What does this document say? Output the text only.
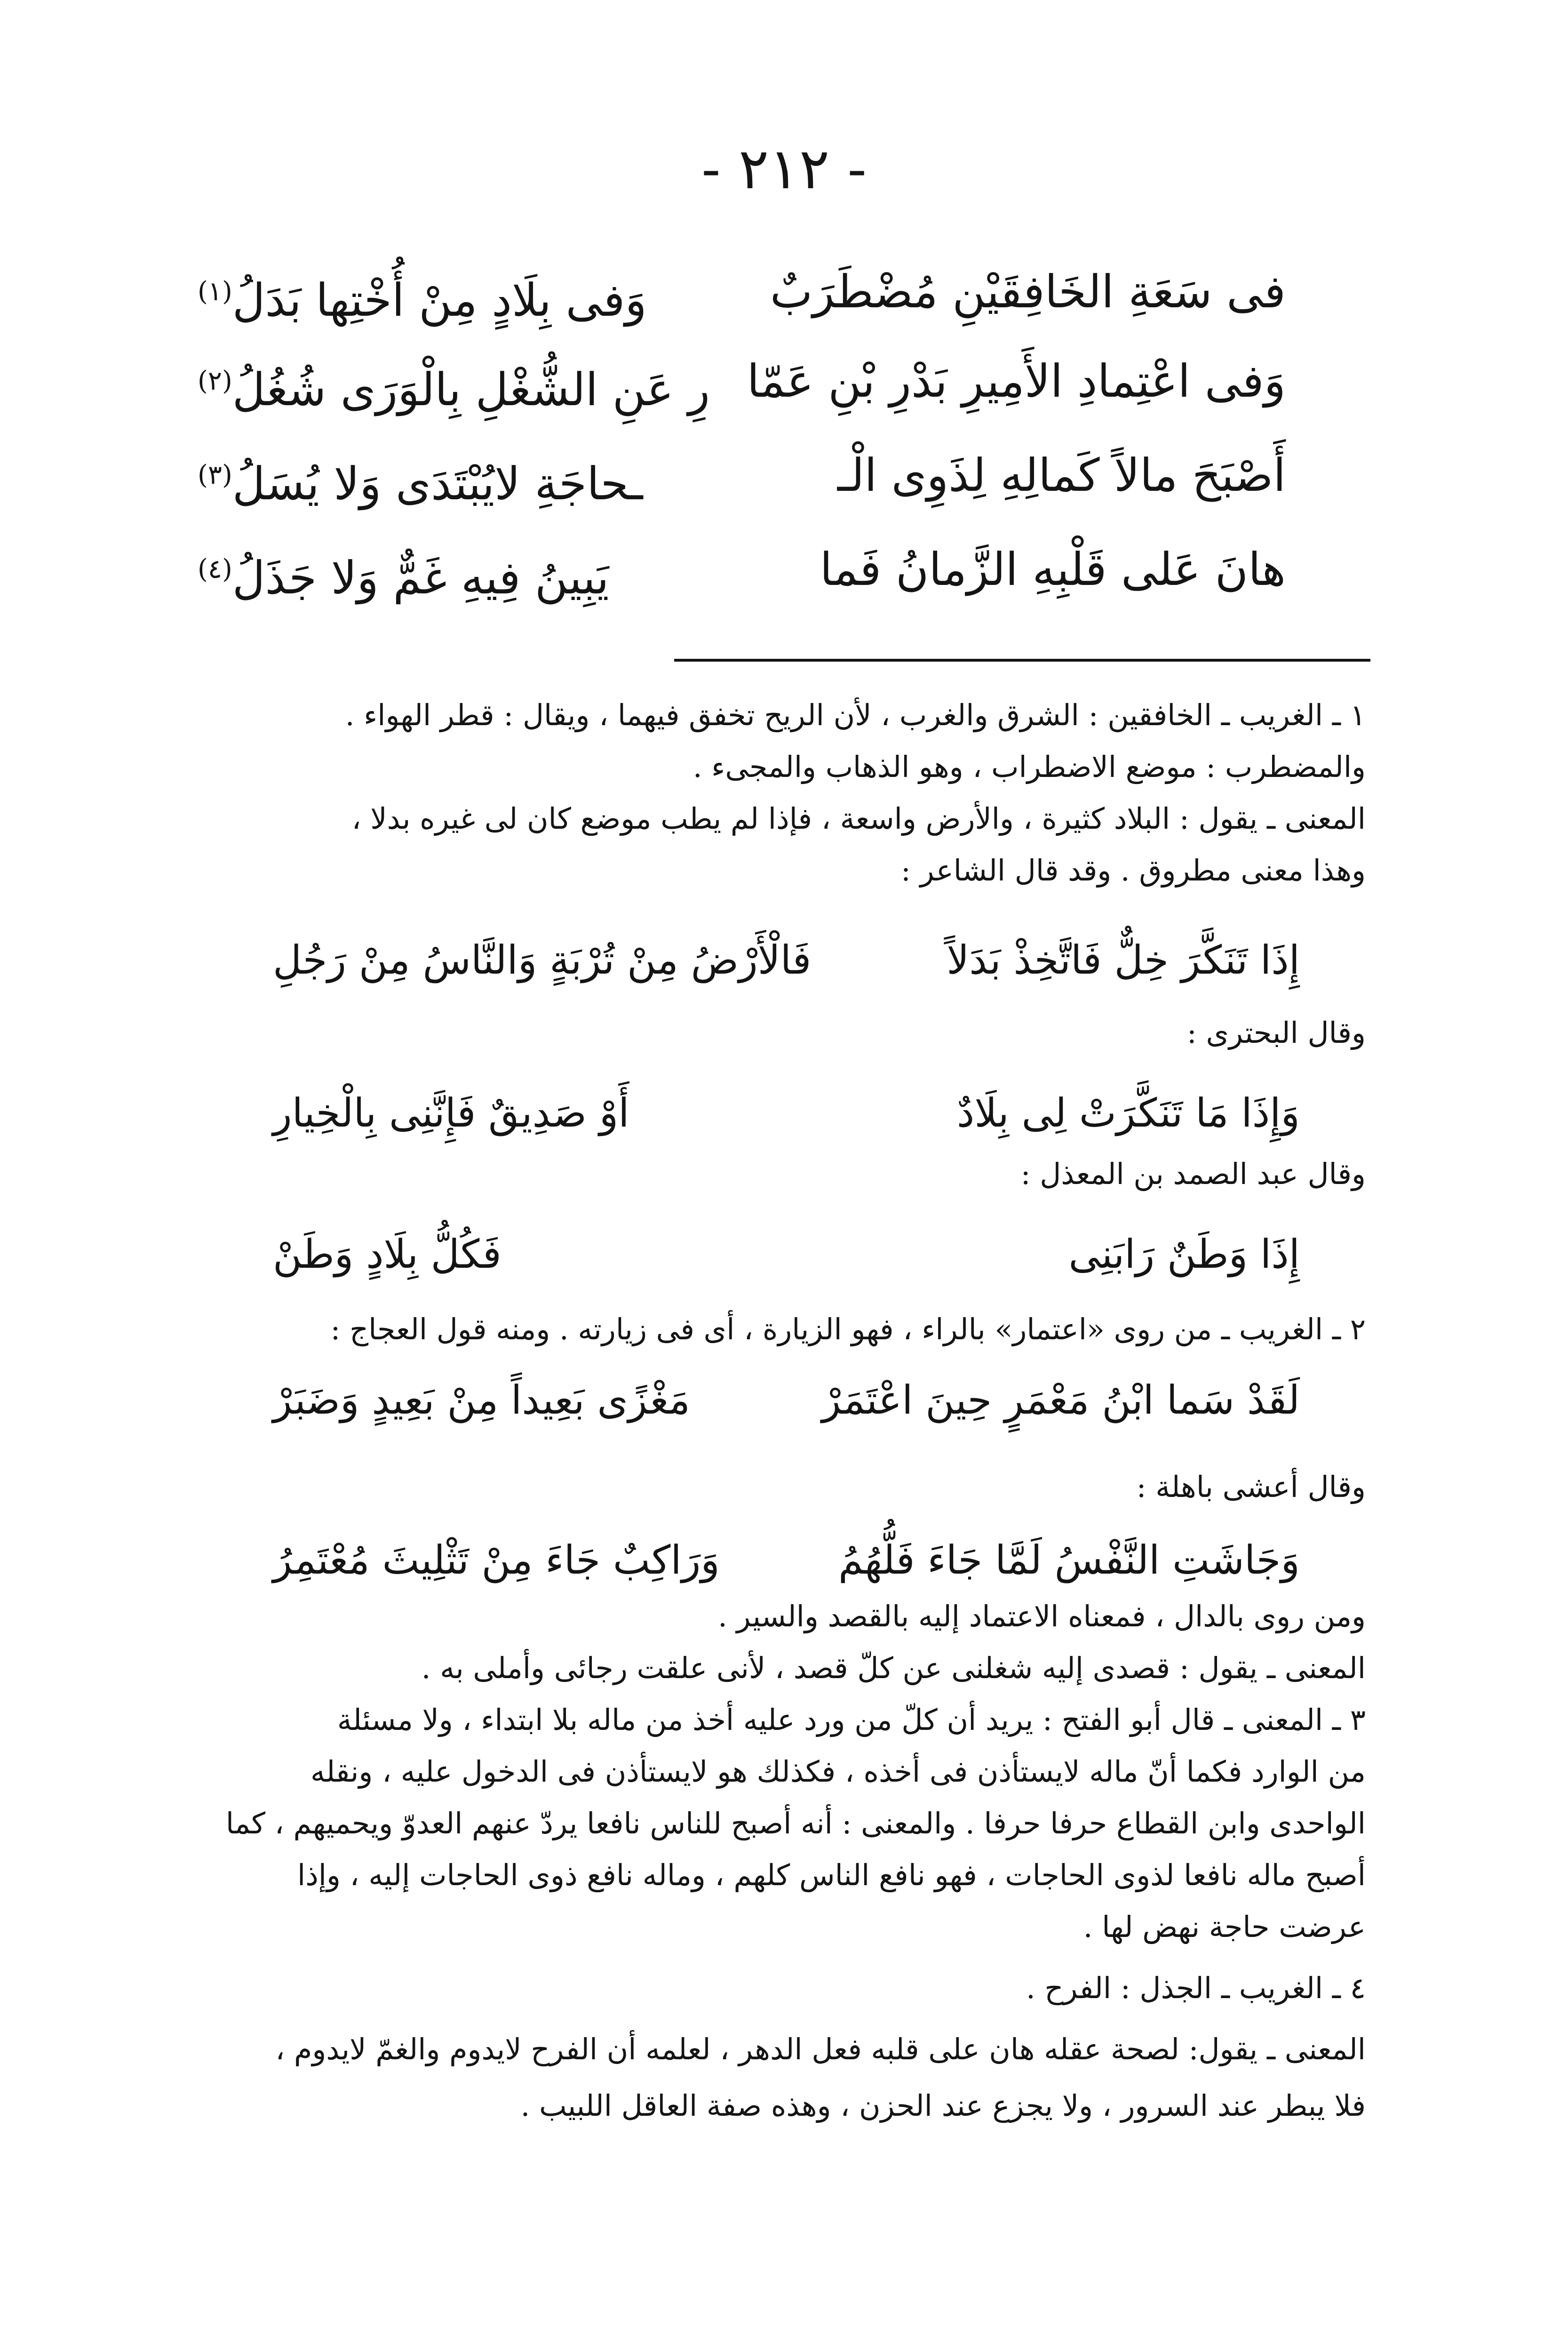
- ٢١٢ -
فى سَعَةِ الخَافِقَيْنِ مُضْطَرَبٌ
وَفى بِلَادٍ مِنْ أُخْتِها بَدَلُ$^{(١)}$
وَفى اعْتِمادِ الأَمِيرِ بَدْرِ بْنِ عَمّا
رِ عَنِ الشُّغْلِ بِالْوَرَى شُغُلُ$^{(٢)}$
أَصْبَحَ مالاً كَمالِهِ لِذَوِى الْـ
ـحاجَةِ لايُبْتَدَى وَلا يُسَلُ$^{(٣)}$
هانَ عَلى قَلْبِهِ الزَّمانُ فَما
يَبِينُ فِيهِ غَمٌّ وَلا جَذَلُ$^{(٤)}$
١ ـ الغريب ـ الخافقين : الشرق والغرب ، لأن الريح تخفق فيهما ، ويقال : قطر الهواء .
والمضطرب : موضع الاضطراب ، وهو الذهاب والمجىء .
المعنى ـ يقول : البلاد كثيرة ، والأرض واسعة ، فإذا لم يطب موضع كان لى غيره بدلا ،
وهذا معنى مطروق . وقد قال الشاعر :
إِذَا تَنَكَّرَ خِلٌّ فَاتَّخِذْ بَدَلاً
فَالْأَرْضُ مِنْ تُرْبَةٍ وَالنَّاسُ مِنْ رَجُلِ
وقال البحترى :
وَإِذَا مَا تَنَكَّرَتْ لِى بِلَادٌ
أَوْ صَدِيقٌ فَإِنَّنِى بِالْخِيارِ
وقال عبد الصمد بن المعذل :
إِذَا وَطَنٌ رَابَنِى
فَكُلُّ بِلَادٍ وَطَنْ
٢ ـ الغريب ـ من روى «اعتمار» بالراء ، فهو الزيارة ، أى فى زيارته . ومنه قول العجاج :
لَقَدْ سَما ابْنُ مَعْمَرٍ حِينَ اعْتَمَرْ
مَغْزًى بَعِيداً مِنْ بَعِيدٍ وَضَبَرْ
وقال أعشى باهلة :
وَجَاشَتِ النَّفْسُ لَمَّا جَاءَ فَلُّهُمُ
وَرَاكِبٌ جَاءَ مِنْ تَثْلِيثَ مُعْتَمِرُ
ومن روى بالدال ، فمعناه الاعتماد إليه بالقصد والسير .
المعنى ـ يقول : قصدى إليه شغلنى عن كلّ قصد ، لأنى علقت رجائى وأملى به .
٣ ـ المعنى ـ قال أبو الفتح : يريد أن كلّ من ورد عليه أخذ من ماله بلا ابتداء ، ولا مسئلة
من الوارد فكما أنّ ماله لايستأذن فى أخذه ، فكذلك هو لايستأذن فى الدخول عليه ، ونقله
الواحدى وابن القطاع حرفا حرفا . والمعنى : أنه أصبح للناس نافعا يردّ عنهم العدوّ ويحميهم ، كما
أصبح ماله نافعا لذوى الحاجات ، فهو نافع الناس كلهم ، وماله نافع ذوى الحاجات إليه ، وإذا
عرضت حاجة نهض لها .
٤ ـ الغريب ـ الجذل : الفرح .
المعنى ـ يقول: لصحة عقله هان على قلبه فعل الدهر ، لعلمه أن الفرح لايدوم والغمّ لايدوم ،
فلا يبطر عند السرور ، ولا يجزع عند الحزن ، وهذه صفة العاقل اللبيب .
